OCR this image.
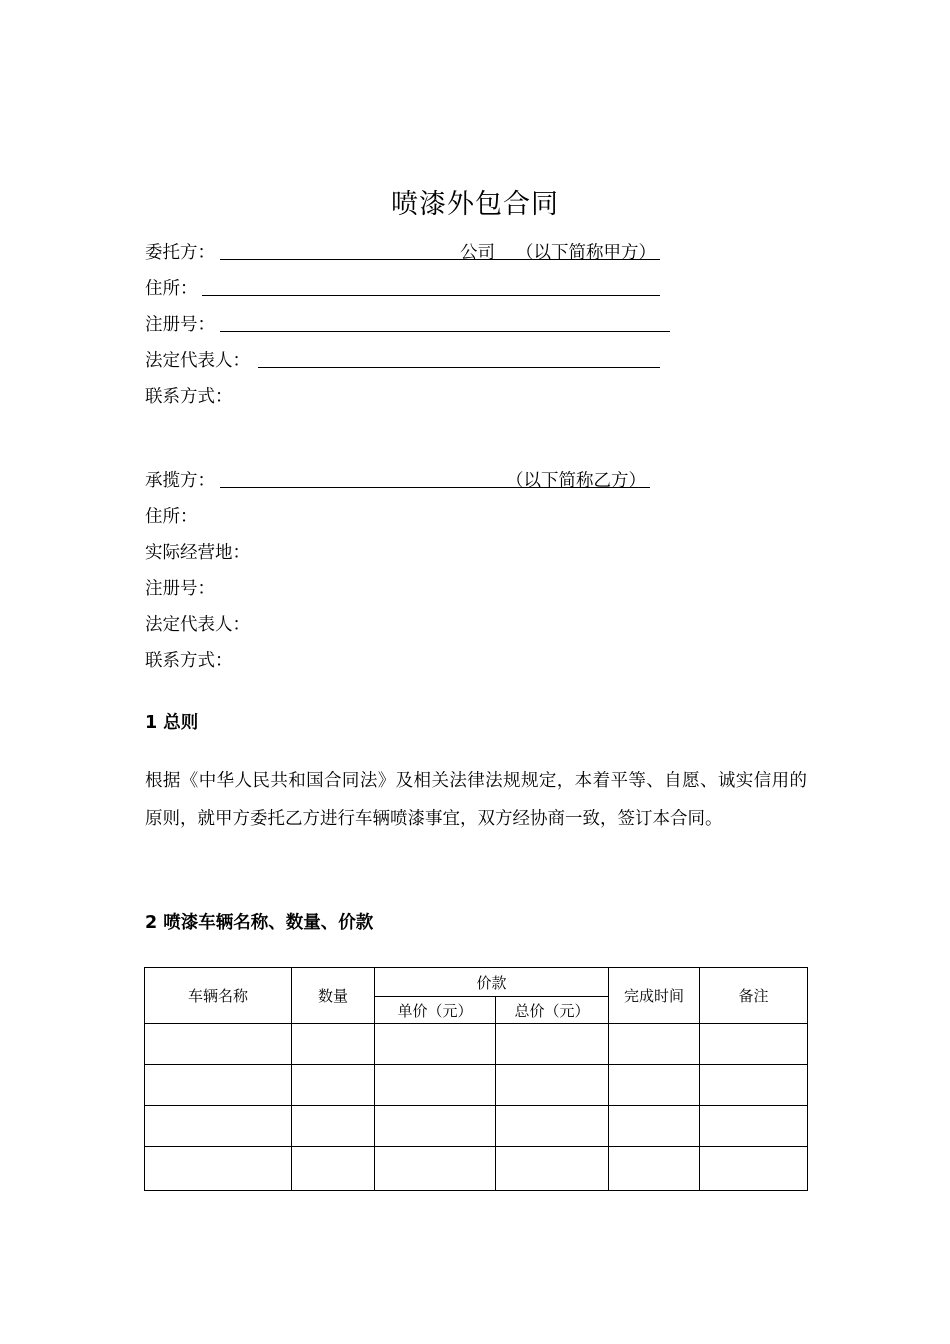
喷漆外包合同
委托方：	公司 （以下简称甲方）
住所：
注册号：
法定代表人：
联系方式：
承揽方：	（以下简称乙方）
住所：
实际经营地：
注册号：
法定代表人：
联系方式：
1 总则
根据《中华人民共和国合同法》及相关法律法规规定，本着平等、自愿、诚实信用的原则，就甲方委托乙方进行车辆喷漆事宜，双方经协商一致，签订本合同。
2 喷漆车辆名称、数量、价款
车辆名称	数量	价款		完成时间	备注
		单价（元）	总价（元）		
